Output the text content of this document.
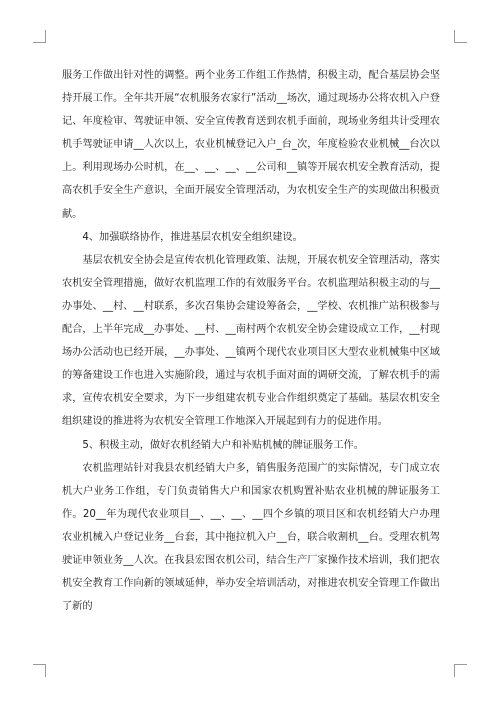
服务工作做出针对性的调整。两个业务工作组工作热情，积极主动，配合基层协会坚持开展工作。全年共开展“农机服务农家行”活动__场次，通过现场办公将农机入户登记、年度检审、驾驶证申领、安全宣传教育送到农机手面前，现场业务组共计受理农机手驾驶证申请__人次以上，农业机械登记入户_台_次，年度检验农业机械__台次以上。利用现场办公时机，在__、__、__、__公司和__镇等开展农机安全教育活动，提高农机手安全生产意识，全面开展安全管理活动，为农机安全生产的实现做出积极贡献。

4、加强联络协作，推进基层农机安全组织建设。

基层农机安全协会是宣传农机化管理政策、法规，开展农机安全管理活动，落实农机安全管理措施，做好农机监理工作的有效服务平台。农机监理站积极主动的与__办事处、__村、__村联系，多次召集协会建设筹备会，__学校、农机推广站积极参与配合，上半年完成__办事处、__村、__南村两个农机安全协会建设成立工作，__村现场办公活动也已经开展，__办事处、__镇两个现代农业项目区大型农业机械集中区域的筹备建设工作也进入实施阶段，通过与农机手面对面的调研交流，了解农机手的需求，宣传农机安全要求，为下一步组建农机专业合作组织奠定了基础。基层农机安全组织建设的推进将为农机安全管理工作地深入开展起到有力的促进作用。

5、积极主动，做好农机经销大户和补贴机械的牌证服务工作。

农机监理站针对我县农机经销大户多，销售服务范围广的实际情况，专门成立农机大户业务工作组，专门负责销售大户和国家农机购置补贴农业机械的牌证服务工作。20__年为现代农业项目__、__、__、__四个乡镇的项目区和农机经销大户办理农业机械入户登记业务__台套，其中拖拉机入户__台，联合收割机__台。受理农机驾驶证申领业务__人次。在我县宏图农机公司，结合生产厂家操作技术培训，我们把农机安全教育工作向新的领域延伸，举办安全培训活动，对推进农机安全管理工作做出了新的
